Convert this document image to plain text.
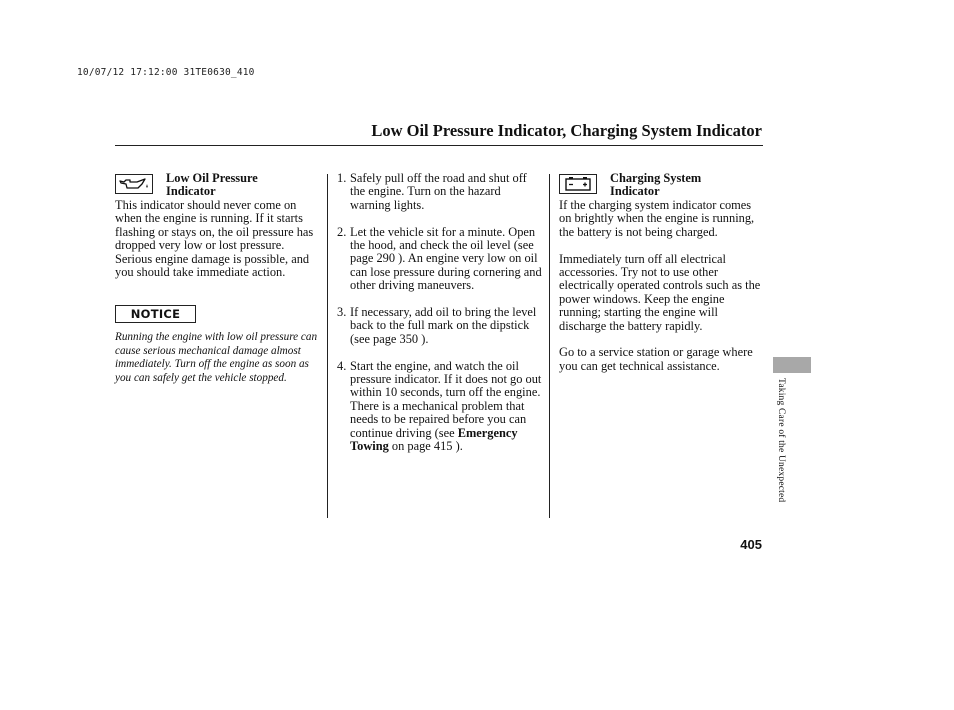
10/07/12 17:12:00 31TE0630_410
Low Oil Pressure Indicator, Charging System Indicator
Low Oil Pressure
Indicator

This indicator should never come on when the engine is running. If it starts flashing or stays on, the oil pressure has dropped very low or lost pressure. Serious engine damage is possible, and you should take immediate action.

NOTICE
Running the engine with low oil pressure can cause serious mechanical damage almost immediately. Turn off the engine as soon as you can safely get the vehicle stopped.
1. Safely pull off the road and shut off the engine. Turn on the hazard warning lights.
2. Let the vehicle sit for a minute. Open the hood, and check the oil level (see page 290 ). An engine very low on oil can lose pressure during cornering and other driving maneuvers.
3. If necessary, add oil to bring the level back to the full mark on the dipstick (see page 350 ).
4. Start the engine, and watch the oil pressure indicator. If it does not go out within 10 seconds, turn off the engine. There is a mechanical problem that needs to be repaired before you can continue driving (see Emergency Towing on page 415 ).
Charging System
Indicator

If the charging system indicator comes on brightly when the engine is running, the battery is not being charged.

Immediately turn off all electrical accessories. Try not to use other electrically operated controls such as the power windows. Keep the engine running; starting the engine will discharge the battery rapidly.

Go to a service station or garage where you can get technical assistance.

Taking Care of the Unexpected
405
